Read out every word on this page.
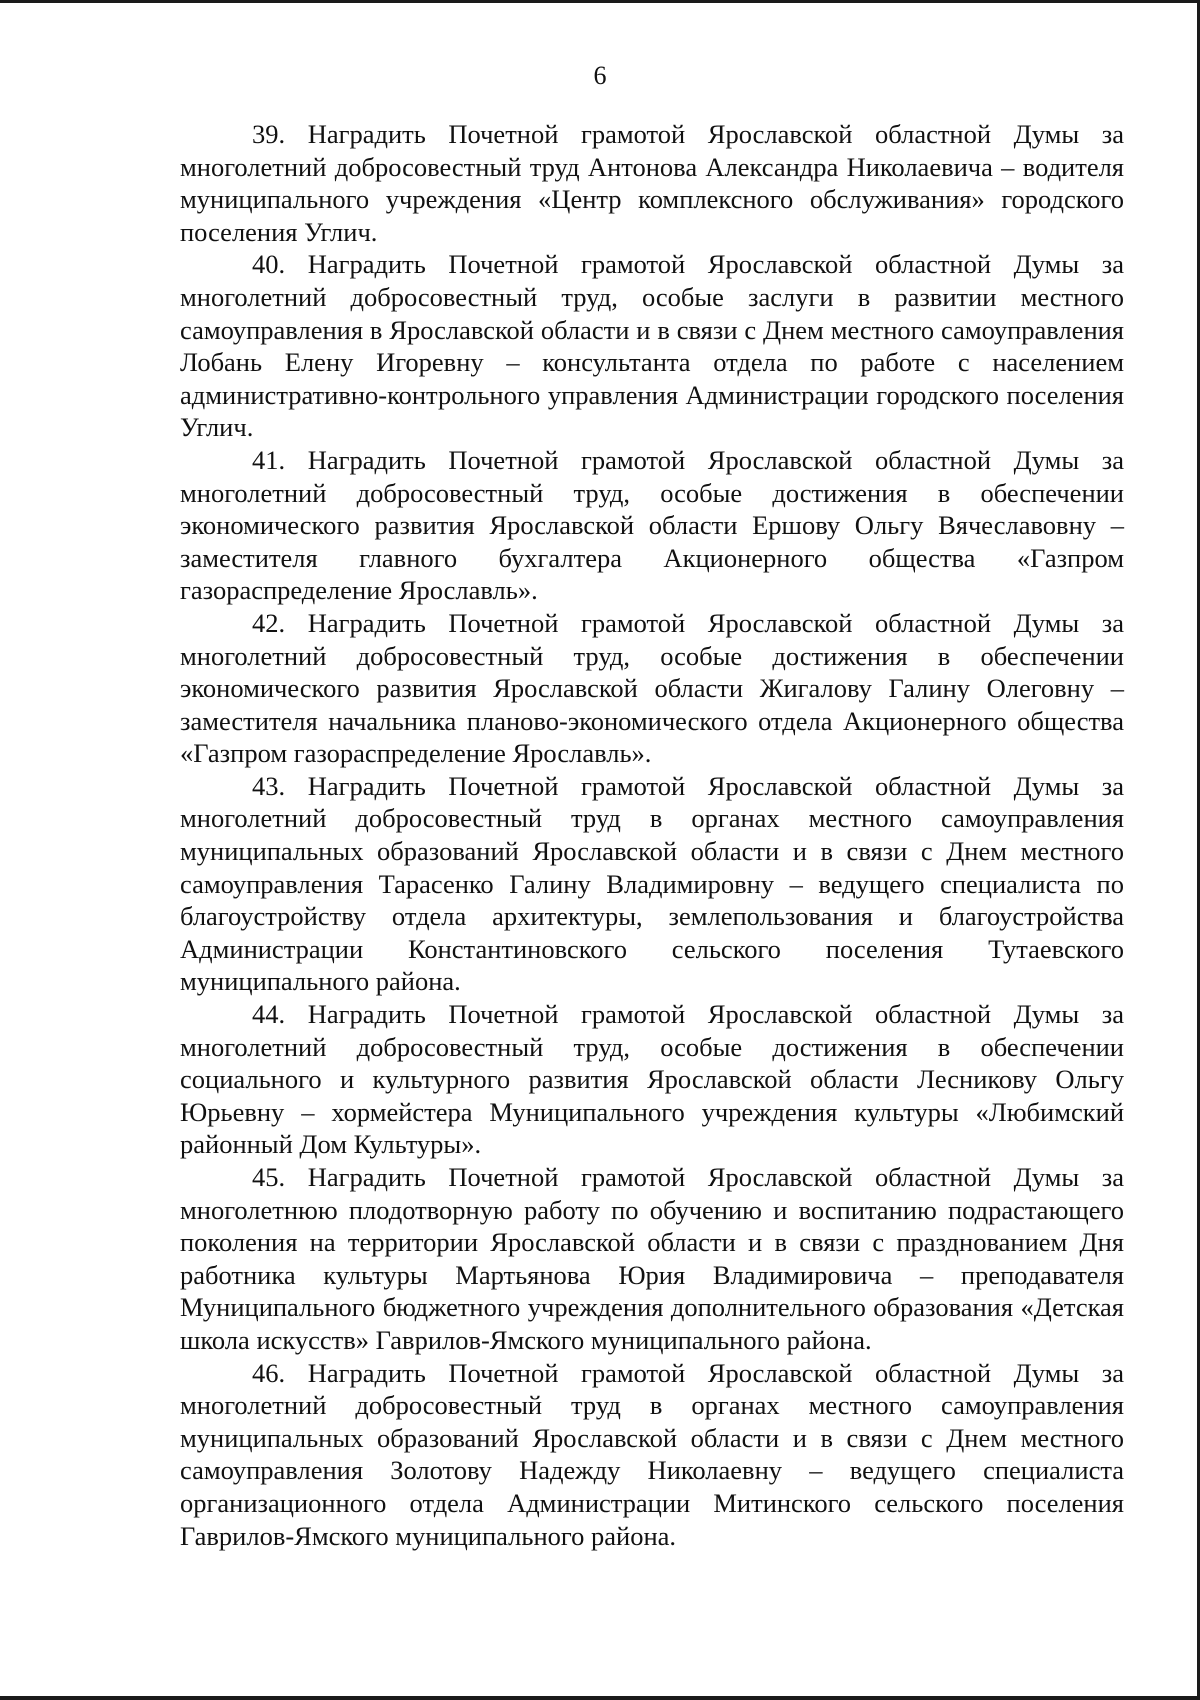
6

39. Наградить Почетной грамотой Ярославской областной Думы за многолетний добросовестный труд Антонова Александра Николаевича – водителя муниципального учреждения «Центр комплексного обслуживания» городского поселения Углич.

40. Наградить Почетной грамотой Ярославской областной Думы за многолетний добросовестный труд, особые заслуги в развитии местного самоуправления в Ярославской области и в связи с Днем местного самоуправления Лобань Елену Игоревну – консультанта отдела по работе с населением административно-контрольного управления Администрации городского поселения Углич.

41. Наградить Почетной грамотой Ярославской областной Думы за многолетний добросовестный труд, особые достижения в обеспечении экономического развития Ярославской области Ершову Ольгу Вячеславовну – заместителя главного бухгалтера Акционерного общества «Газпром газораспределение Ярославль».

42. Наградить Почетной грамотой Ярославской областной Думы за многолетний добросовестный труд, особые достижения в обеспечении экономического развития Ярославской области Жигалову Галину Олеговну – заместителя начальника планово-экономического отдела Акционерного общества «Газпром газораспределение Ярославль».

43. Наградить Почетной грамотой Ярославской областной Думы за многолетний добросовестный труд в органах местного самоуправления муниципальных образований Ярославской области и в связи с Днем местного самоуправления Тарасенко Галину Владимировну – ведущего специалиста по благоустройству отдела архитектуры, землепользования и благоустройства Администрации Константиновского сельского поселения Тутаевского муниципального района.

44. Наградить Почетной грамотой Ярославской областной Думы за многолетний добросовестный труд, особые достижения в обеспечении социального и культурного развития Ярославской области Лесникову Ольгу Юрьевну – хормейстера Муниципального учреждения культуры «Любимский районный Дом Культуры».

45. Наградить Почетной грамотой Ярославской областной Думы за многолетнюю плодотворную работу по обучению и воспитанию подрастающего поколения на территории Ярославской области и в связи с празднованием Дня работника культуры Мартьянова Юрия Владимировича – преподавателя Муниципального бюджетного учреждения дополнительного образования «Детская школа искусств» Гаврилов-Ямского муниципального района.

46. Наградить Почетной грамотой Ярославской областной Думы за многолетний добросовестный труд в органах местного самоуправления муниципальных образований Ярославской области и в связи с Днем местного самоуправления Золотову Надежду Николаевну – ведущего специалиста организационного отдела Администрации Митинского сельского поселения Гаврилов-Ямского муниципального района.
